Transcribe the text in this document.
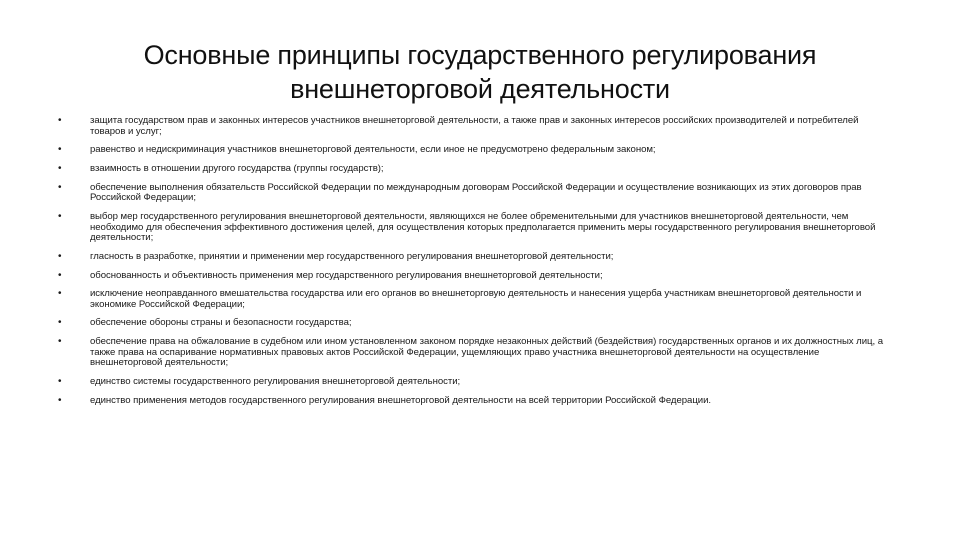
Основные принципы государственного регулирования
внешнеторговой деятельности
•	защита государством прав и законных интересов участников внешнеторговой деятельности, а также прав и законных интересов российских производителей и потребителей товаров и услуг;
•	равенство и недискриминация участников внешнеторговой деятельности, если иное не предусмотрено федеральным законом;
•	взаимность в отношении другого государства (группы государств);
•	обеспечение выполнения обязательств Российской Федерации по международным договорам Российской Федерации и осуществление возникающих из этих договоров прав Российской Федерации;
•	выбор мер государственного регулирования внешнеторговой деятельности, являющихся не более обременительными для участников внешнеторговой деятельности, чем необходимо для обеспечения эффективного достижения целей, для осуществления которых предполагается применить меры государственного регулирования внешнеторговой деятельности;
•	гласность в разработке, принятии и применении мер государственного регулирования внешнеторговой деятельности;
•	обоснованность и объективность применения мер государственного регулирования внешнеторговой деятельности;
•	исключение неоправданного вмешательства государства или его органов во внешнеторговую деятельность и нанесения ущерба участникам внешнеторговой деятельности и экономике Российской Федерации;
•	обеспечение обороны страны и безопасности государства;
•	обеспечение права на обжалование в судебном или ином установленном законом порядке незаконных действий (бездействия) государственных органов и их должностных лиц, а также права на оспаривание нормативных правовых актов Российской Федерации, ущемляющих право участника внешнеторговой деятельности на осуществление внешнеторговой деятельности;
•	единство системы государственного регулирования внешнеторговой деятельности;
•	единство применения методов государственного регулирования внешнеторговой деятельности на всей территории Российской Федерации.
